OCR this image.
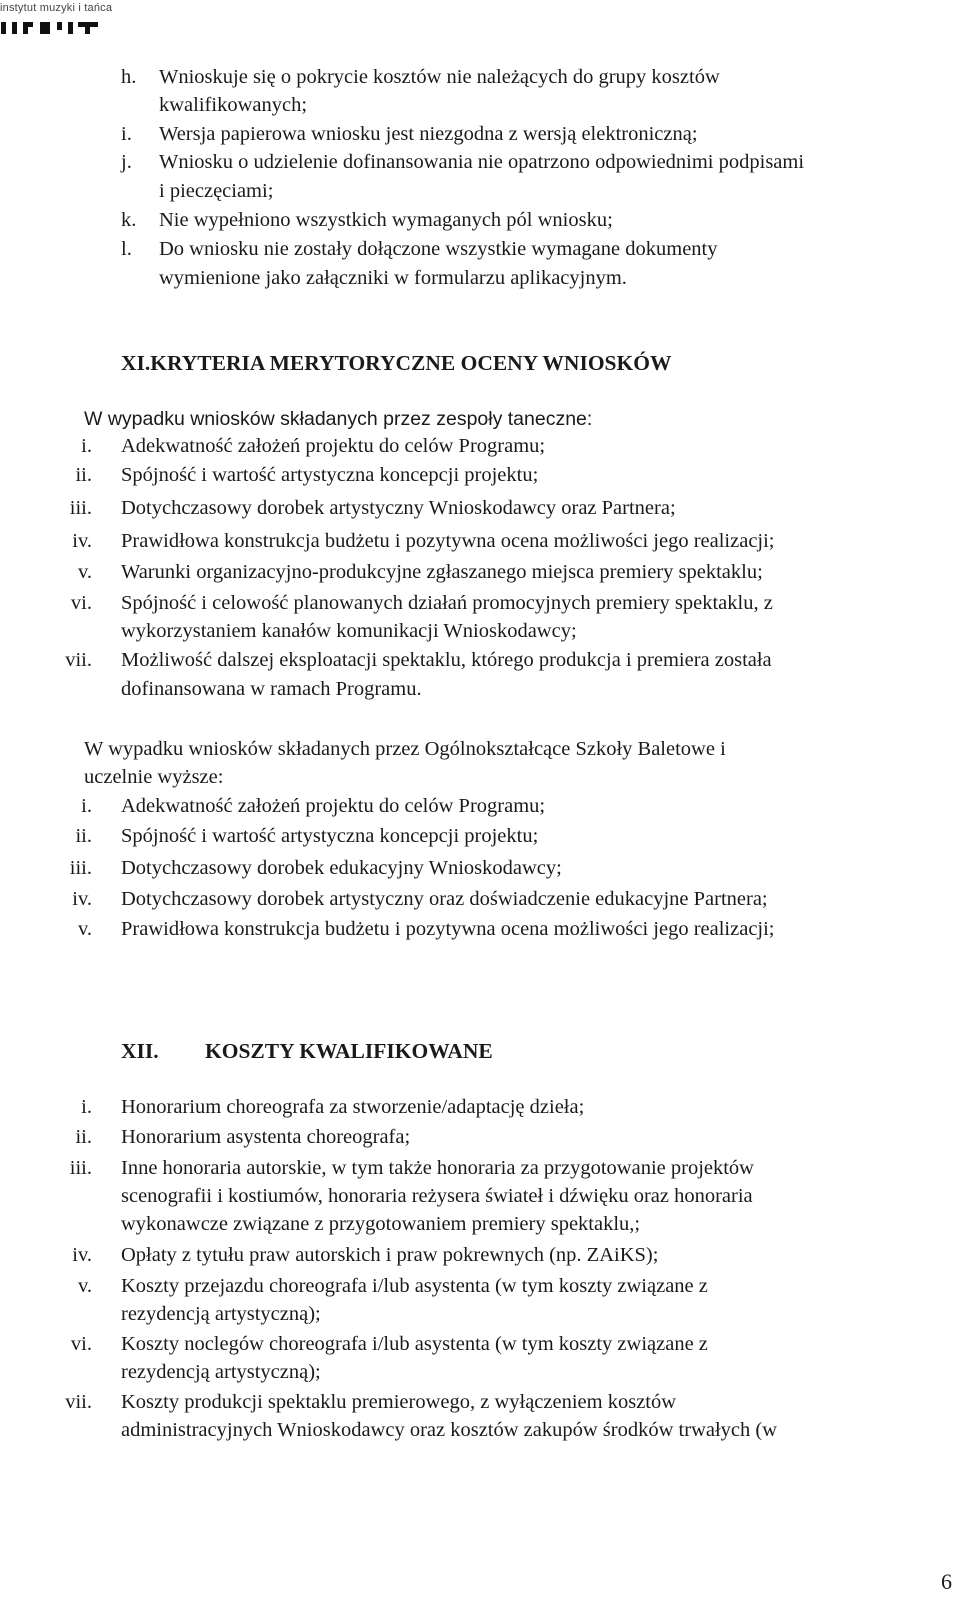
instytut muzyki i tańca
h. Wnioskuje się o pokrycie kosztów nie należących do grupy kosztów
kwalifikowanych;
i. Wersja papierowa wniosku jest niezgodna z wersją elektroniczną;
j. Wniosku o udzielenie dofinansowania nie opatrzono odpowiednimi podpisami
i pieczęciami;
k. Nie wypełniono wszystkich wymaganych pól wniosku;
l. Do wniosku nie zostały dołączone wszystkie wymagane dokumenty
wymienione jako załączniki w formularzu aplikacyjnym.
XI.KRYTERIA MERYTORYCZNE OCENY WNIOSKÓW
W wypadku wniosków składanych przez zespoły taneczne:
i. Adekwatność założeń projektu do celów Programu;
ii. Spójność i wartość artystyczna koncepcji projektu;
iii. Dotychczasowy dorobek artystyczny Wnioskodawcy oraz Partnera;
iv. Prawidłowa konstrukcja budżetu i pozytywna ocena możliwości jego realizacji;
v. Warunki organizacyjno-produkcyjne zgłaszanego miejsca premiery spektaklu;
vi. Spójność i celowość planowanych działań promocyjnych premiery spektaklu, z
wykorzystaniem kanałów komunikacji Wnioskodawcy;
vii. Możliwość dalszej eksploatacji spektaklu, którego produkcja i premiera została
dofinansowana w ramach Programu.
W wypadku wniosków składanych przez Ogólnokształcące Szkoły Baletowe i
uczelnie wyższe:
i. Adekwatność założeń projektu do celów Programu;
ii. Spójność i wartość artystyczna koncepcji projektu;
iii. Dotychczasowy dorobek edukacyjny Wnioskodawcy;
iv. Dotychczasowy dorobek artystyczny oraz doświadczenie edukacyjne Partnera;
v. Prawidłowa konstrukcja budżetu i pozytywna ocena możliwości jego realizacji;
XII. KOSZTY KWALIFIKOWANE
i. Honorarium choreografa za stworzenie/adaptację dzieła;
ii. Honorarium asystenta choreografa;
iii. Inne honoraria autorskie, w tym także honoraria za przygotowanie projektów
scenografii i kostiumów, honoraria reżysera świateł i dźwięku oraz honoraria
wykonawcze związane z przygotowaniem premiery spektaklu,;
iv. Opłaty z tytułu praw autorskich i praw pokrewnych (np. ZAiKS);
v. Koszty przejazdu choreografa i/lub asystenta (w tym koszty związane z
rezydencją artystyczną);
vi. Koszty noclegów choreografa i/lub asystenta (w tym koszty związane z
rezydencją artystyczną);
vii. Koszty produkcji spektaklu premierowego, z wyłączeniem kosztów
administracyjnych Wnioskodawcy oraz kosztów zakupów środków trwałych (w
6
